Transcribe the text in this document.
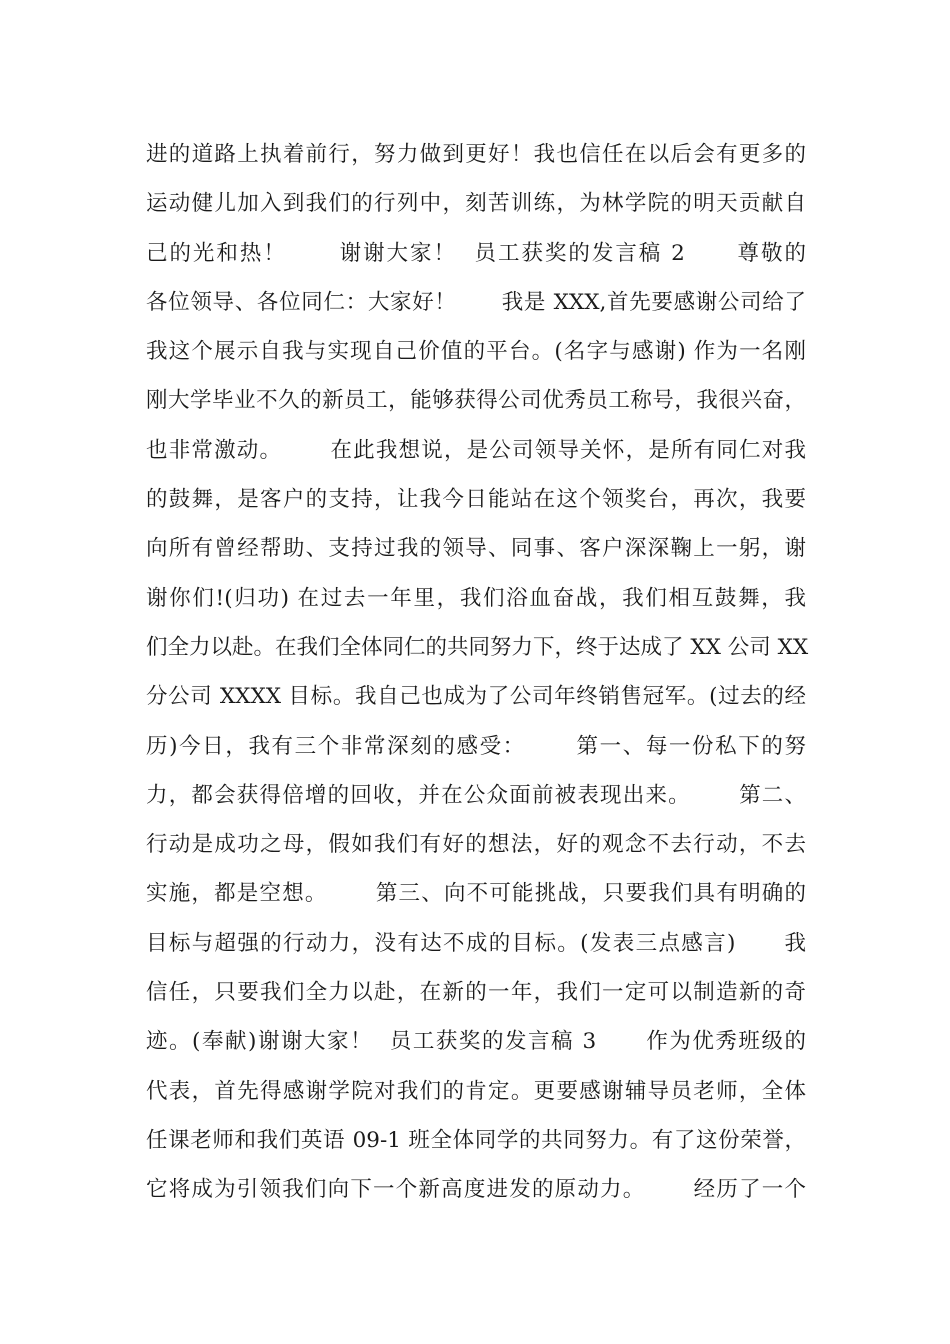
进的道路上执着前行，努力做到更好！我也信任在以后会有更多的
运动健儿加入到我们的行列中，刻苦训练，为林学院的明天贡献自
己的光和热！      谢谢大家！  员工获奖的发言稿 2      尊敬的
各位领导、各位同仁：大家好！      我是 XXX,首先要感谢公司给了
我这个展示自我与实现自己价值的平台。(名字与感谢) 作为一名刚
刚大学毕业不久的新员工，能够获得公司优秀员工称号，我很兴奋，
也非常激动。      在此我想说，是公司领导关怀，是所有同仁对我
的鼓舞，是客户的支持，让我今日能站在这个领奖台，再次，我要
向所有曾经帮助、支持过我的领导、同事、客户深深鞠上一躬，谢
谢你们!(归功) 在过去一年里，我们浴血奋战，我们相互鼓舞，我
们全力以赴。在我们全体同仁的共同努力下，终于达成了 XX 公司 XX
分公司 XXXX 目标。我自己也成为了公司年终销售冠军。(过去的经
历)今日，我有三个非常深刻的感受：      第一、每一份私下的努
力，都会获得倍增的回收，并在公众面前被表现出来。      第二、
行动是成功之母，假如我们有好的想法，好的观念不去行动，不去
实施，都是空想。      第三、向不可能挑战，只要我们具有明确的
目标与超强的行动力，没有达不成的目标。(发表三点感言)      我
信任，只要我们全力以赴，在新的一年，我们一定可以制造新的奇
迹。(奉献)谢谢大家！  员工获奖的发言稿 3      作为优秀班级的
代表，首先得感谢学院对我们的肯定。更要感谢辅导员老师，全体
任课老师和我们英语 09-1 班全体同学的共同努力。有了这份荣誉，
它将成为引领我们向下一个新高度进发的原动力。      经历了一个
